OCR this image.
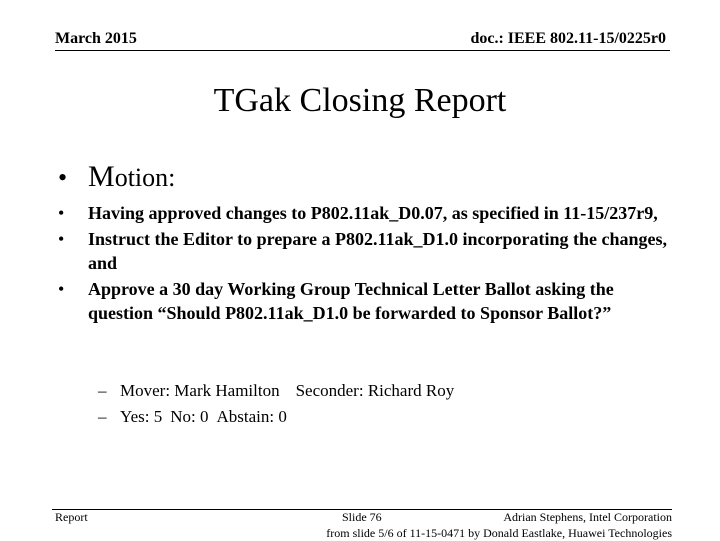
March 2015	doc.: IEEE 802.11-15/0225r0
TGak Closing Report
• Motion:
•	Having approved changes to P802.11ak_D0.07, as specified in 11-15/237r9,
•	Instruct the Editor to prepare a P802.11ak_D1.0 incorporating the changes, and
•	Approve a 30 day Working Group Technical Letter Ballot asking the question “Should P802.11ak_D1.0 be forwarded to Sponsor Ballot?”
– Mover: Mark Hamilton Seconder: Richard Roy
– Yes: 5 No: 0 Abstain: 0
Report	Slide 76	Adrian Stephens, Intel Corporation
from slide 5/6 of 11-15-0471 by Donald Eastlake, Huawei Technologies
